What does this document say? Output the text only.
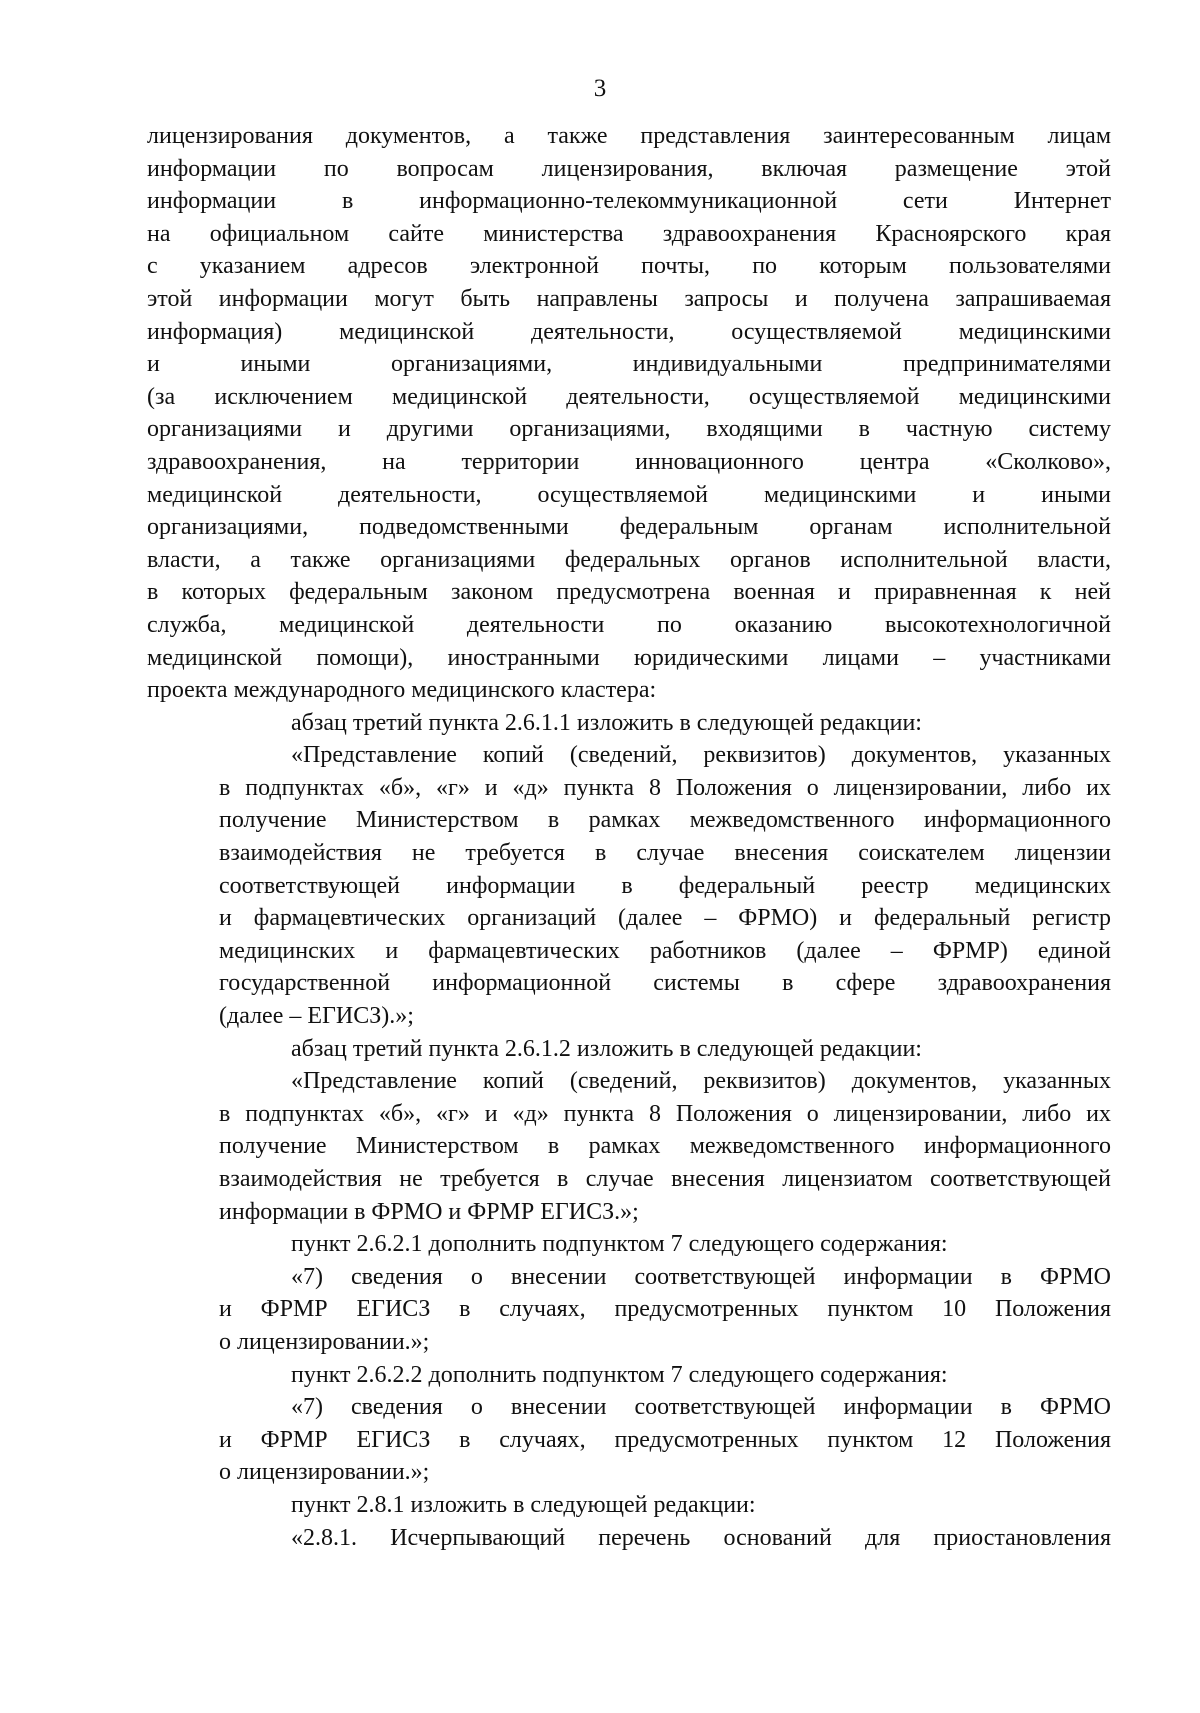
3
лицензирования документов, а также представления заинтересованным лицам
информации по вопросам лицензирования, включая размещение этой
информации в информационно-телекоммуникационной сети Интернет
на официальном сайте министерства здравоохранения Красноярского края
с указанием адресов электронной почты, по которым пользователями
этой информации могут быть направлены запросы и получена запрашиваемая
информация) медицинской деятельности, осуществляемой медицинскими
и иными организациями, индивидуальными предпринимателями
(за исключением медицинской деятельности, осуществляемой медицинскими
организациями и другими организациями, входящими в частную систему
здравоохранения, на территории инновационного центра «Сколково»,
медицинской деятельности, осуществляемой медицинскими и иными
организациями, подведомственными федеральным органам исполнительной
власти, а также организациями федеральных органов исполнительной власти,
в которых федеральным законом предусмотрена военная и приравненная к ней
служба, медицинской деятельности по оказанию высокотехнологичной
медицинской помощи), иностранными юридическими лицами – участниками
проекта международного медицинского кластера:
абзац третий пункта 2.6.1.1 изложить в следующей редакции:
«Представление копий (сведений, реквизитов) документов, указанных
в подпунктах «б», «г» и «д» пункта 8 Положения о лицензировании, либо их
получение Министерством в рамках межведомственного информационного
взаимодействия не требуется в случае внесения соискателем лицензии
соответствующей информации в федеральный реестр медицинских
и фармацевтических организаций (далее – ФРМО) и федеральный регистр
медицинских и фармацевтических работников (далее – ФРМР) единой
государственной информационной системы в сфере здравоохранения
(далее – ЕГИСЗ).»;
абзац третий пункта 2.6.1.2 изложить в следующей редакции:
«Представление копий (сведений, реквизитов) документов, указанных
в подпунктах «б», «г» и «д» пункта 8 Положения о лицензировании, либо их
получение Министерством в рамках межведомственного информационного
взаимодействия не требуется в случае внесения лицензиатом соответствующей
информации в ФРМО и ФРМР ЕГИСЗ.»;
пункт 2.6.2.1 дополнить подпунктом 7 следующего содержания:
«7) сведения о внесении соответствующей информации в ФРМО
и ФРМР ЕГИСЗ в случаях, предусмотренных пунктом 10 Положения
о лицензировании.»;
пункт 2.6.2.2 дополнить подпунктом 7 следующего содержания:
«7) сведения о внесении соответствующей информации в ФРМО
и ФРМР ЕГИСЗ в случаях, предусмотренных пунктом 12 Положения
о лицензировании.»;
пункт 2.8.1 изложить в следующей редакции:
«2.8.1. Исчерпывающий перечень оснований для приостановления
